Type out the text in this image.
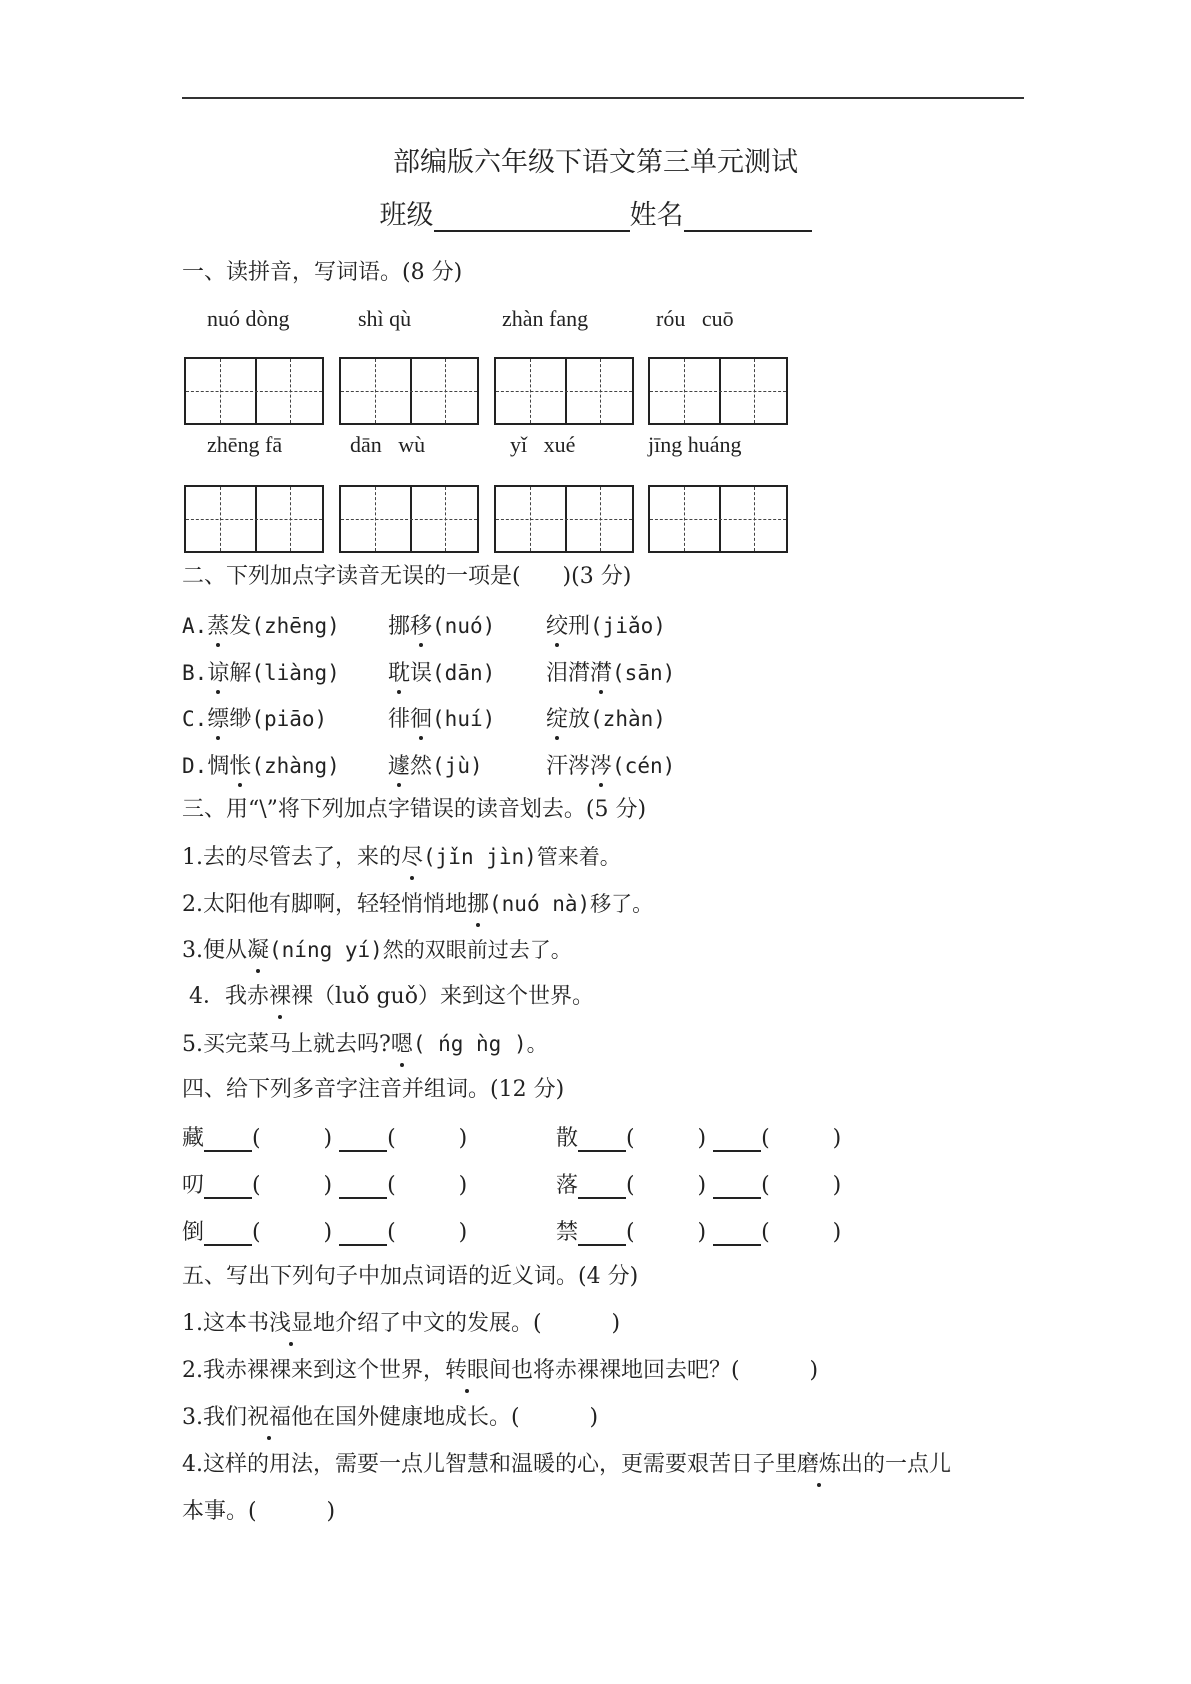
部编版六年级下语文第三单元测试
班级	姓名
一、读拼音，写词语。(8 分)
nuó dòng	shì qù	zhàn fang	róu   cuō
zhēng fā	dān   wù	yǐ   xué	jīng huáng
二、下列加点字读音无误的一项是(      )(3 分)
A.蒸发(zhēng) 挪移(nuó) 绞刑(jiǎo)
B.谅解(liàng) 耽误(dān) 泪潸潸(sān)
C.缥缈(piāo)	徘徊(huí) 绽放(zhàn)
D.惆怅(zhàng) 遽然(jù)	汗涔涔(cén)
三、用“\”将下列加点字错误的读音划去。(5 分)
1.去的尽管去了，来的尽(jǐn jìn)管来着。
2.太阳他有脚啊，轻轻悄悄地挪(nuó nà)移了。
3.便从凝(níng yí)然的双眼前过去了。
4．我赤裸裸（luǒ guǒ）来到这个世界。
5.买完菜马上就去吗?嗯( ńg ǹg )。
四、给下列多音字注音并组词。(12 分)
藏 (         ) (         )	散 (         ) (         )
叨 (         ) (         )	落 (         ) (         )
倒 (         ) (         )	禁 (         ) (         )
五、写出下列句子中加点词语的近义词。(4 分)
1.这本书浅显地介绍了中文的发展。(          )
2.我赤裸裸来到这个世界，转眼间也将赤裸裸地回去吧？(          )
3.我们祝福他在国外健康地成长。(          )
4.这样的用法，需要一点儿智慧和温暖的心，更需要艰苦日子里磨炼出的一点儿
本事。(          )
